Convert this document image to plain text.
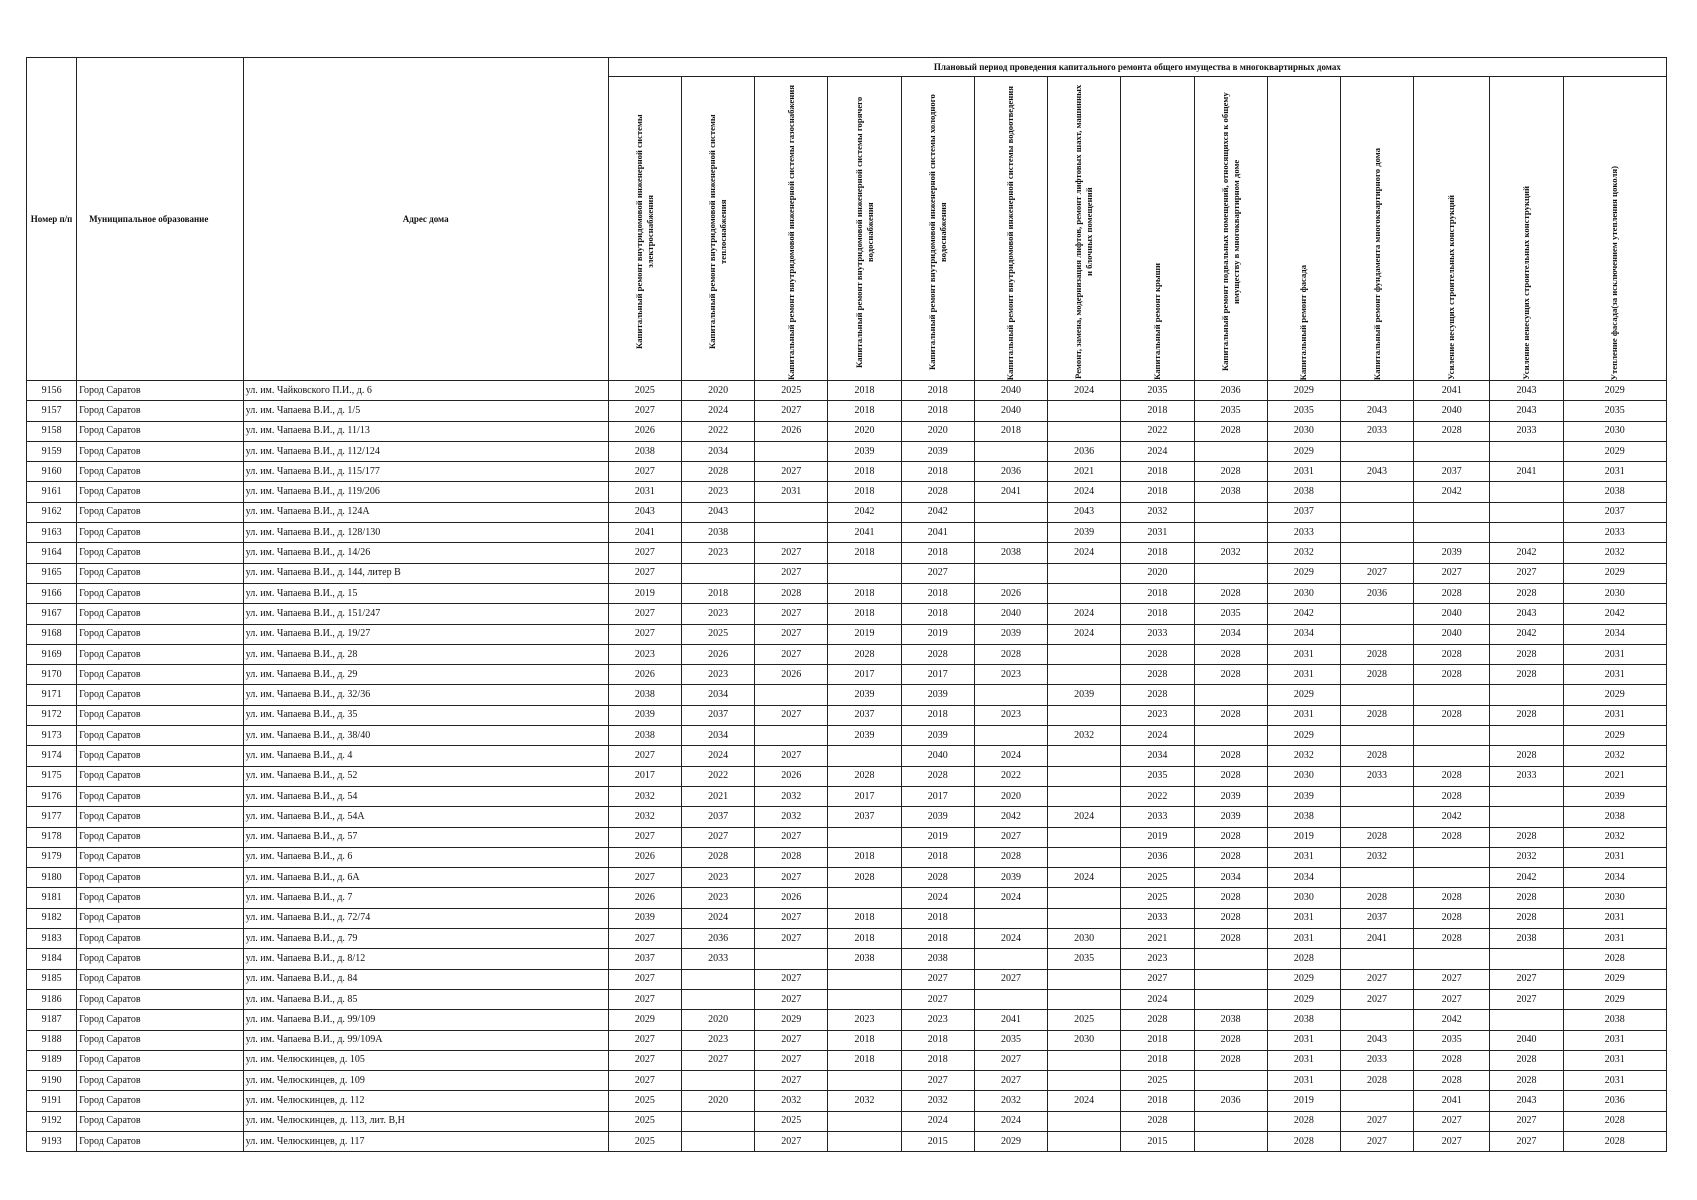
Номер п/п	Муниципальное образование	Адрес дома	Плановый период проведения капитального ремонта общего имущества в многоквартирных домах													

			Капитальный ремонт внутридомовой инженерной системы электроснабжения	Капитальный ремонт внутридомовой инженерной системы теплоснабжения	Капитальный ремонт внутридомовой инженерной системы газоснабжения	Капитальный ремонт внутридомовой инженерной системы горячего водоснабжения	Капитальный ремонт внутридомовой инженерной системы холодного водоснабжения	Капитальный ремонт внутридомовой инженерной системы водоотведения	Ремонт, замена, модернизация лифтов, ремонт лифтовых шахт, машинных и блочных помещений	Капитальный ремонт крыши	Капитальный ремонт подвальных помещений, относящихся к общему имуществу в многоквартирном доме	Капитальный ремонт фасада	Капитальный ремонт фундамента многоквартирного дома	Усиление несущих строительных конструкций	Усиление ненесущих строительных конструкций	Утепление фасада(за исключением утепления цоколя)

9156	Город Саратов	ул. им. Чайковского П.И., д. 6	2025	2020	2025	2018	2018	2040	2024	2035	2036	2029		2041	2043	2029
9157	Город Саратов	ул. им. Чапаева В.И., д. 1/5	2027	2024	2027	2018	2018	2040		2018	2035	2035	2043	2040	2043	2035
9158	Город Саратов	ул. им. Чапаева В.И., д. 11/13	2026	2022	2026	2020	2020	2018		2022	2028	2030	2033	2028	2033	2030
9159	Город Саратов	ул. им. Чапаева В.И., д. 112/124	2038	2034		2039	2039		2036	2024		2029				2029
9160	Город Саратов	ул. им. Чапаева В.И., д. 115/177	2027	2028	2027	2018	2018	2036	2021	2018	2028	2031	2043	2037	2041	2031
9161	Город Саратов	ул. им. Чапаева В.И., д. 119/206	2031	2023	2031	2018	2028	2041	2024	2018	2038	2038		2042		2038
9162	Город Саратов	ул. им. Чапаева В.И., д. 124А	2043	2043		2042	2042		2043	2032		2037				2037
9163	Город Саратов	ул. им. Чапаева В.И., д. 128/130	2041	2038		2041	2041		2039	2031		2033				2033
9164	Город Саратов	ул. им. Чапаева В.И., д. 14/26	2027	2023	2027	2018	2018	2038	2024	2018	2032	2032		2039	2042	2032
9165	Город Саратов	ул. им. Чапаева В.И., д. 144, литер В	2027		2027		2027			2020		2029	2027	2027	2027	2029
9166	Город Саратов	ул. им. Чапаева В.И., д. 15	2019	2018	2028	2018	2018	2026		2018	2028	2030	2036	2028	2028	2030
9167	Город Саратов	ул. им. Чапаева В.И., д. 151/247	2027	2023	2027	2018	2018	2040	2024	2018	2035	2042		2040	2043	2042
9168	Город Саратов	ул. им. Чапаева В.И., д. 19/27	2027	2025	2027	2019	2019	2039	2024	2033	2034	2034		2040	2042	2034
9169	Город Саратов	ул. им. Чапаева В.И., д. 28	2023	2026	2027	2028	2028	2028		2028	2028	2031	2028	2028	2028	2031
9170	Город Саратов	ул. им. Чапаева В.И., д. 29	2026	2023	2026	2017	2017	2023		2028	2028	2031	2028	2028	2028	2031
9171	Город Саратов	ул. им. Чапаева В.И., д. 32/36	2038	2034		2039	2039		2039	2028		2029				2029
9172	Город Саратов	ул. им. Чапаева В.И., д. 35	2039	2037	2027	2037	2018	2023		2023	2028	2031	2028	2028	2028	2031
9173	Город Саратов	ул. им. Чапаева В.И., д. 38/40	2038	2034		2039	2039		2032	2024		2029				2029
9174	Город Саратов	ул. им. Чапаева В.И., д. 4	2027	2024	2027		2040	2024		2034	2028	2032	2028		2028	2032
9175	Город Саратов	ул. им. Чапаева В.И., д. 52	2017	2022	2026	2028	2028	2022		2035	2028	2030	2033	2028	2033	2021
9176	Город Саратов	ул. им. Чапаева В.И., д. 54	2032	2021	2032	2017	2017	2020		2022	2039	2039		2028		2039
9177	Город Саратов	ул. им. Чапаева В.И., д. 54А	2032	2037	2032	2037	2039	2042	2024	2033	2039	2038		2042		2038
9178	Город Саратов	ул. им. Чапаева В.И., д. 57	2027	2027	2027		2019	2027		2019	2028	2019	2028	2028	2028	2032
9179	Город Саратов	ул. им. Чапаева В.И., д. 6	2026	2028	2028	2018	2018	2028		2036	2028	2031	2032		2032	2031
9180	Город Саратов	ул. им. Чапаева В.И., д. 6А	2027	2023	2027	2028	2028	2039	2024	2025	2034	2034			2042	2034
9181	Город Саратов	ул. им. Чапаева В.И., д. 7	2026	2023	2026		2024	2024		2025	2028	2030	2028	2028	2028	2030
9182	Город Саратов	ул. им. Чапаева В.И., д. 72/74	2039	2024	2027	2018	2018			2033	2028	2031	2037	2028	2028	2031
9183	Город Саратов	ул. им. Чапаева В.И., д. 79	2027	2036	2027	2018	2018	2024	2030	2021	2028	2031	2041	2028	2038	2031
9184	Город Саратов	ул. им. Чапаева В.И., д. 8/12	2037	2033		2038	2038		2035	2023		2028				2028
9185	Город Саратов	ул. им. Чапаева В.И., д. 84	2027		2027		2027	2027		2027		2029	2027	2027	2027	2029
9186	Город Саратов	ул. им. Чапаева В.И., д. 85	2027		2027		2027			2024		2029	2027	2027	2027	2029
9187	Город Саратов	ул. им. Чапаева В.И., д. 99/109	2029	2020	2029	2023	2023	2041	2025	2028	2038	2038		2042		2038
9188	Город Саратов	ул. им. Чапаева В.И., д. 99/109А	2027	2023	2027	2018	2018	2035	2030	2018	2028	2031	2043	2035	2040	2031
9189	Город Саратов	ул. им. Челюскинцев, д. 105	2027	2027	2027	2018	2018	2027		2018	2028	2031	2033	2028	2028	2031
9190	Город Саратов	ул. им. Челюскинцев, д. 109	2027		2027		2027	2027		2025		2031	2028	2028	2028	2031
9191	Город Саратов	ул. им. Челюскинцев, д. 112	2025	2020	2032	2032	2032	2032	2024	2018	2036	2019		2041	2043	2036
9192	Город Саратов	ул. им. Челюскинцев, д. 113, лит. В,Н	2025		2025		2024	2024		2028		2028	2027	2027	2027	2028
9193	Город Саратов	ул. им. Челюскинцев, д. 117	2025		2027		2015	2029		2015		2028	2027	2027	2027	2028
